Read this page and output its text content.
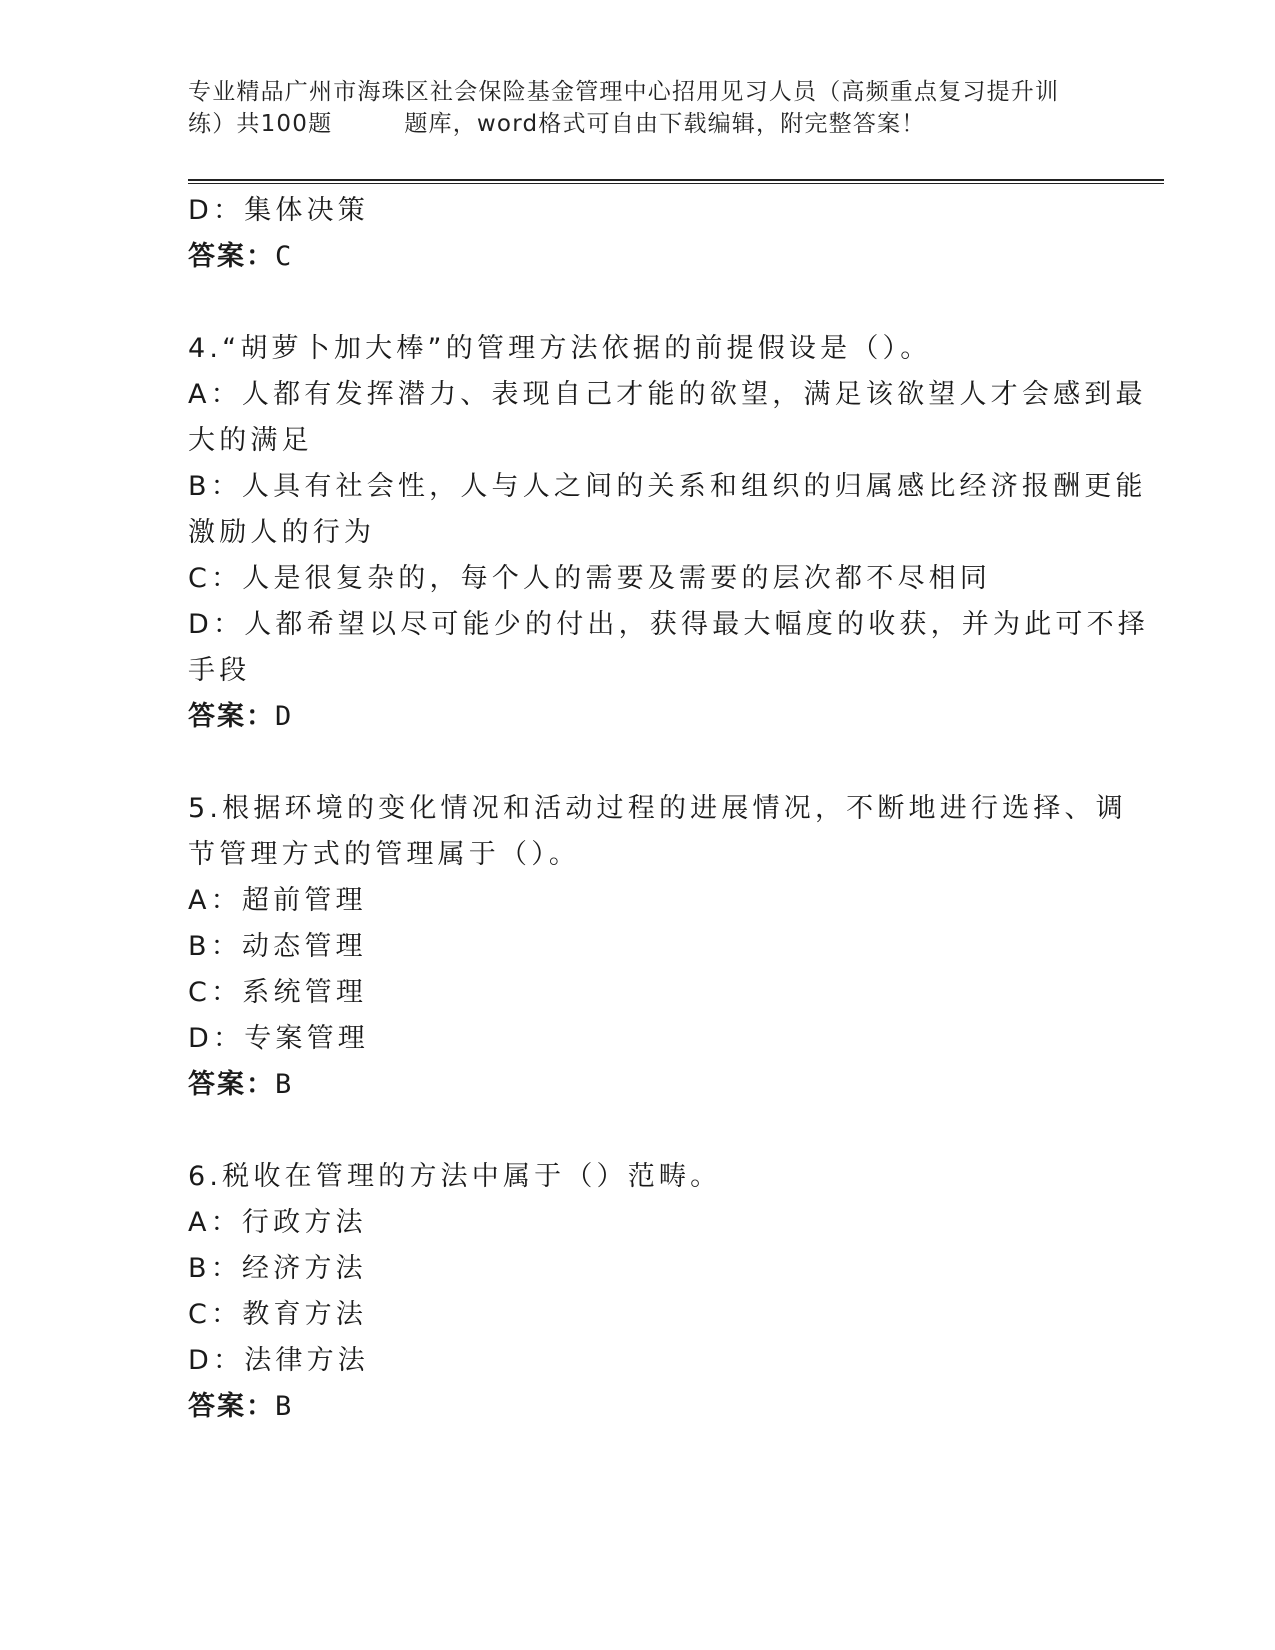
专业精品广州市海珠区社会保险基金管理中心招用见习人员（高频重点复习提升训
练）共100题	题库，word格式可自由下载编辑，附完整答案！
D：集体决策
答案：C
4.“胡萝卜加大棒”的管理方法依据的前提假设是（）。
A：人都有发挥潜力、表现自己才能的欲望，满足该欲望人才会感到最
大的满足
B：人具有社会性，人与人之间的关系和组织的归属感比经济报酬更能
激励人的行为
C：人是很复杂的，每个人的需要及需要的层次都不尽相同
D：人都希望以尽可能少的付出，获得最大幅度的收获，并为此可不择
手段
答案：D
5.根据环境的变化情况和活动过程的进展情况，不断地进行选择、调
节管理方式的管理属于（）。
A：超前管理
B：动态管理
C：系统管理
D：专案管理
答案：B
6.税收在管理的方法中属于（）范畴。
A：行政方法
B：经济方法
C：教育方法
D：法律方法
答案：B
